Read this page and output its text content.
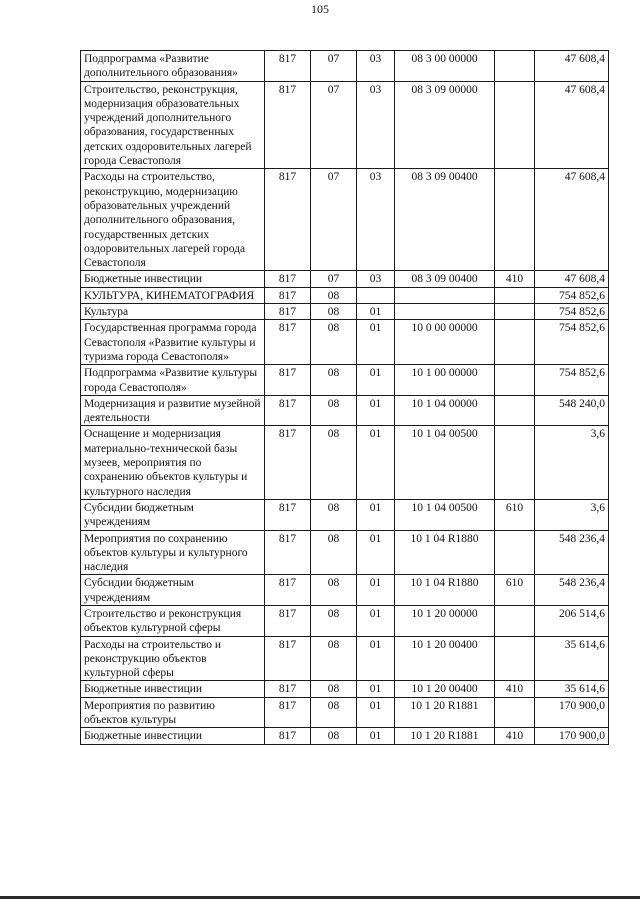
105
Подпрограмма «Развитие дополнительного образования»	817	07	03	08 3 00 00000		47 608,4
Строительство, реконструкция, модернизация образовательных учреждений дополнительного образования, государственных детских оздоровительных лагерей города Севастополя	817	07	03	08 3 09 00000		47 608,4
Расходы на строительство, реконструкцию, модернизацию образовательных учреждений дополнительного образования, государственных детских оздоровительных лагерей города Севастополя	817	07	03	08 3 09 00400		47 608,4
Бюджетные инвестиции	817	07	03	08 3 09 00400	410	47 608,4
КУЛЬТУРА, КИНЕМАТОГРАФИЯ	817	08				754 852,6
Культура	817	08	01			754 852,6
Государственная программа города Севастополя «Развитие культуры и туризма города Севастополя»	817	08	01	10 0 00 00000		754 852,6
Подпрограмма «Развитие культуры города Севастополя»	817	08	01	10 1 00 00000		754 852,6
Модернизация и развитие музейной деятельности	817	08	01	10 1 04 00000		548 240,0
Оснащение и модернизация материально-технической базы музеев, мероприятия по сохранению объектов культуры и культурного наследия	817	08	01	10 1 04 00500		3,6
Субсидии бюджетным учреждениям	817	08	01	10 1 04 00500	610	3,6
Мероприятия по сохранению объектов культуры и культурного наследия	817	08	01	10 1 04 R1880		548 236,4
Субсидии бюджетным учреждениям	817	08	01	10 1 04 R1880	610	548 236,4
Строительство и реконструкция объектов культурной сферы	817	08	01	10 1 20 00000		206 514,6
Расходы на строительство и реконструкцию объектов культурной сферы	817	08	01	10 1 20 00400		35 614,6
Бюджетные инвестиции	817	08	01	10 1 20 00400	410	35 614,6
Мероприятия по развитию объектов культуры	817	08	01	10 1 20 R1881		170 900,0
Бюджетные инвестиции	817	08	01	10 1 20 R1881	410	170 900,0
